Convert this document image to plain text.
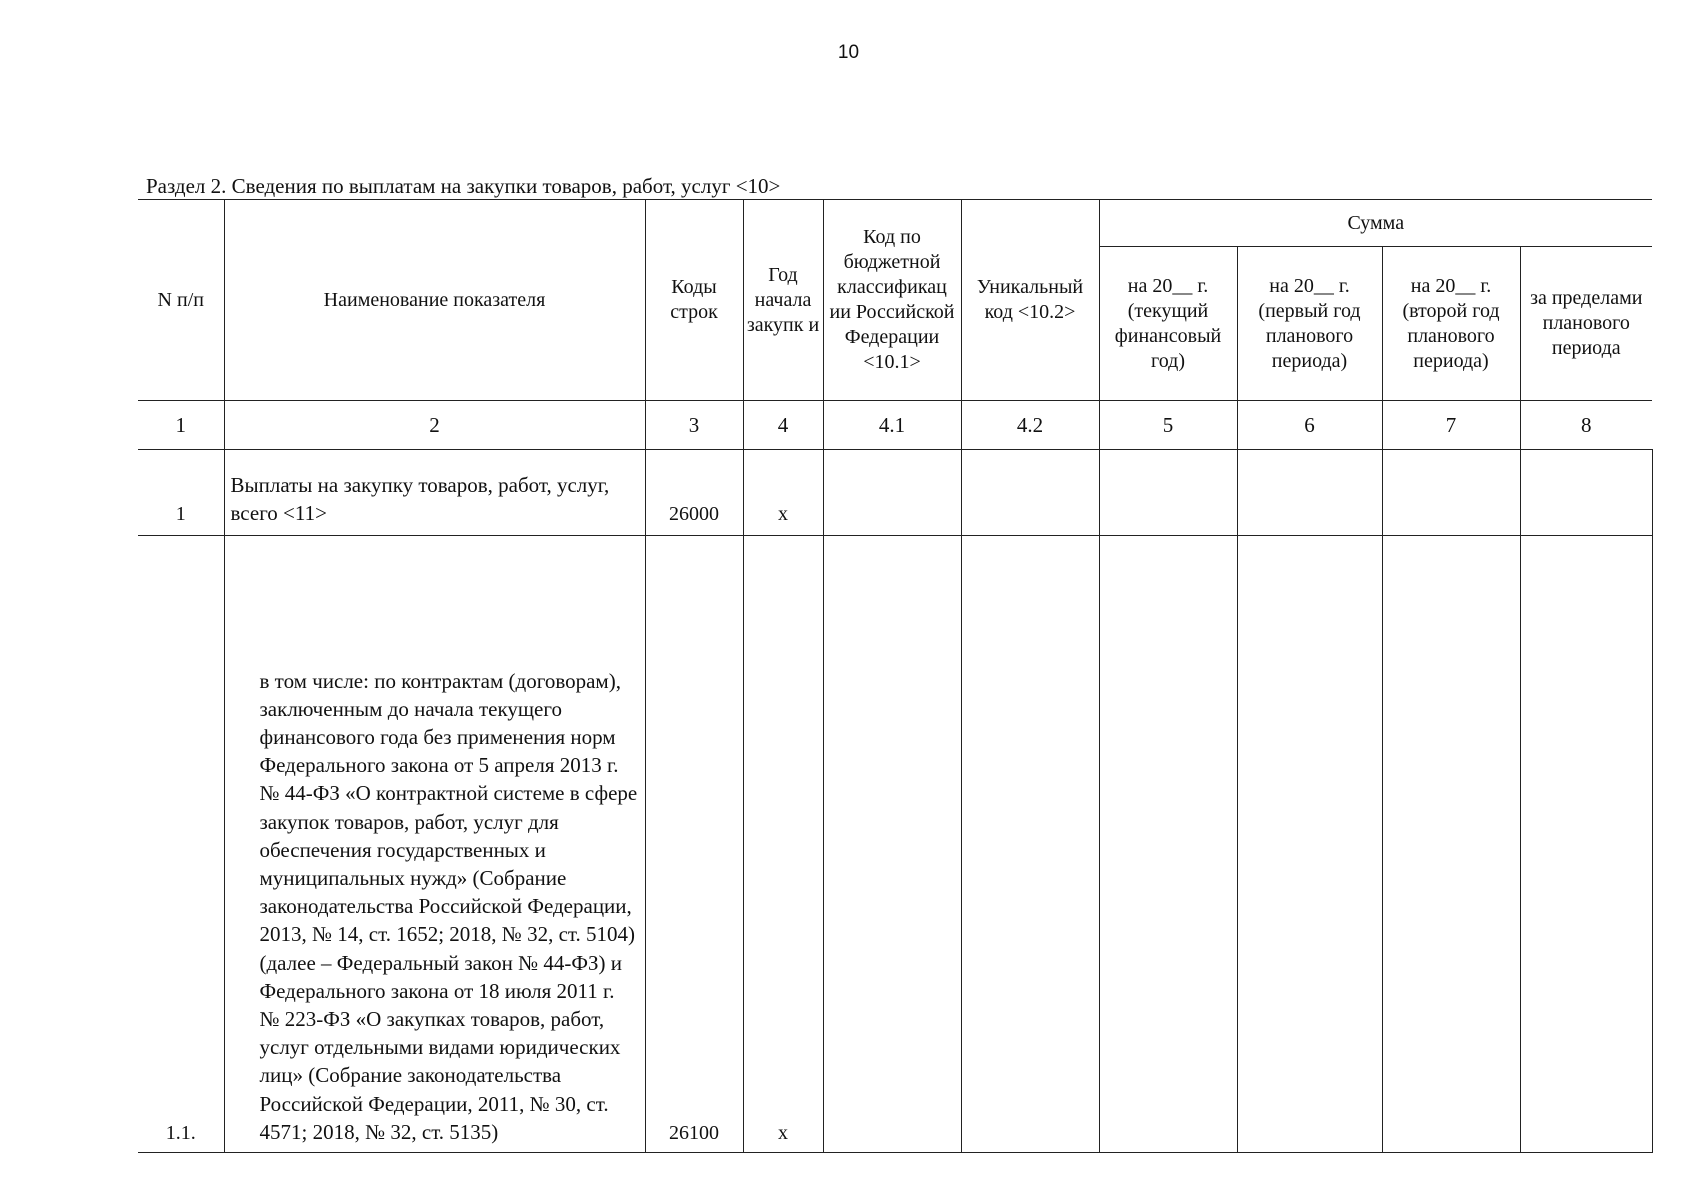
10
Раздел 2. Сведения по выплатам на закупки товаров, работ, услуг <10>
N п/п	Наименование показателя	Коды строк	Год начала закупк и	Код по бюджетной классификац ии Российской Федерации <10.1>	Уникальный код <10.2>	Сумма			
						на 20__ г. (текущий финансовый год)	на 20__ г. (первый год планового периода)	на 20__ г. (второй год планового периода)	за пределами планового периода
1	2	3	4	4.1	4.2	5	6	7	8
1	Выплаты на закупку товаров, работ, услуг, всего <11>	26000	x						
1.1.	в том числе: по контрактам (договорам), заключенным до начала текущего финансового года без применения норм Федерального закона от 5 апреля 2013 г. № 44-ФЗ «О контрактной системе в сфере закупок товаров, работ, услуг для обеспечения государственных и муниципальных нужд» (Собрание законодательства Российской Федерации, 2013, № 14, ст. 1652; 2018, № 32, ст. 5104) (далее – Федеральный закон № 44-ФЗ) и Федерального закона от 18 июля 2011 г. № 223-ФЗ «О закупках товаров, работ, услуг отдельными видами юридических лиц» (Собрание законодательства Российской Федерации, 2011, № 30, ст. 4571; 2018, № 32, ст. 5135)	26100	x						
